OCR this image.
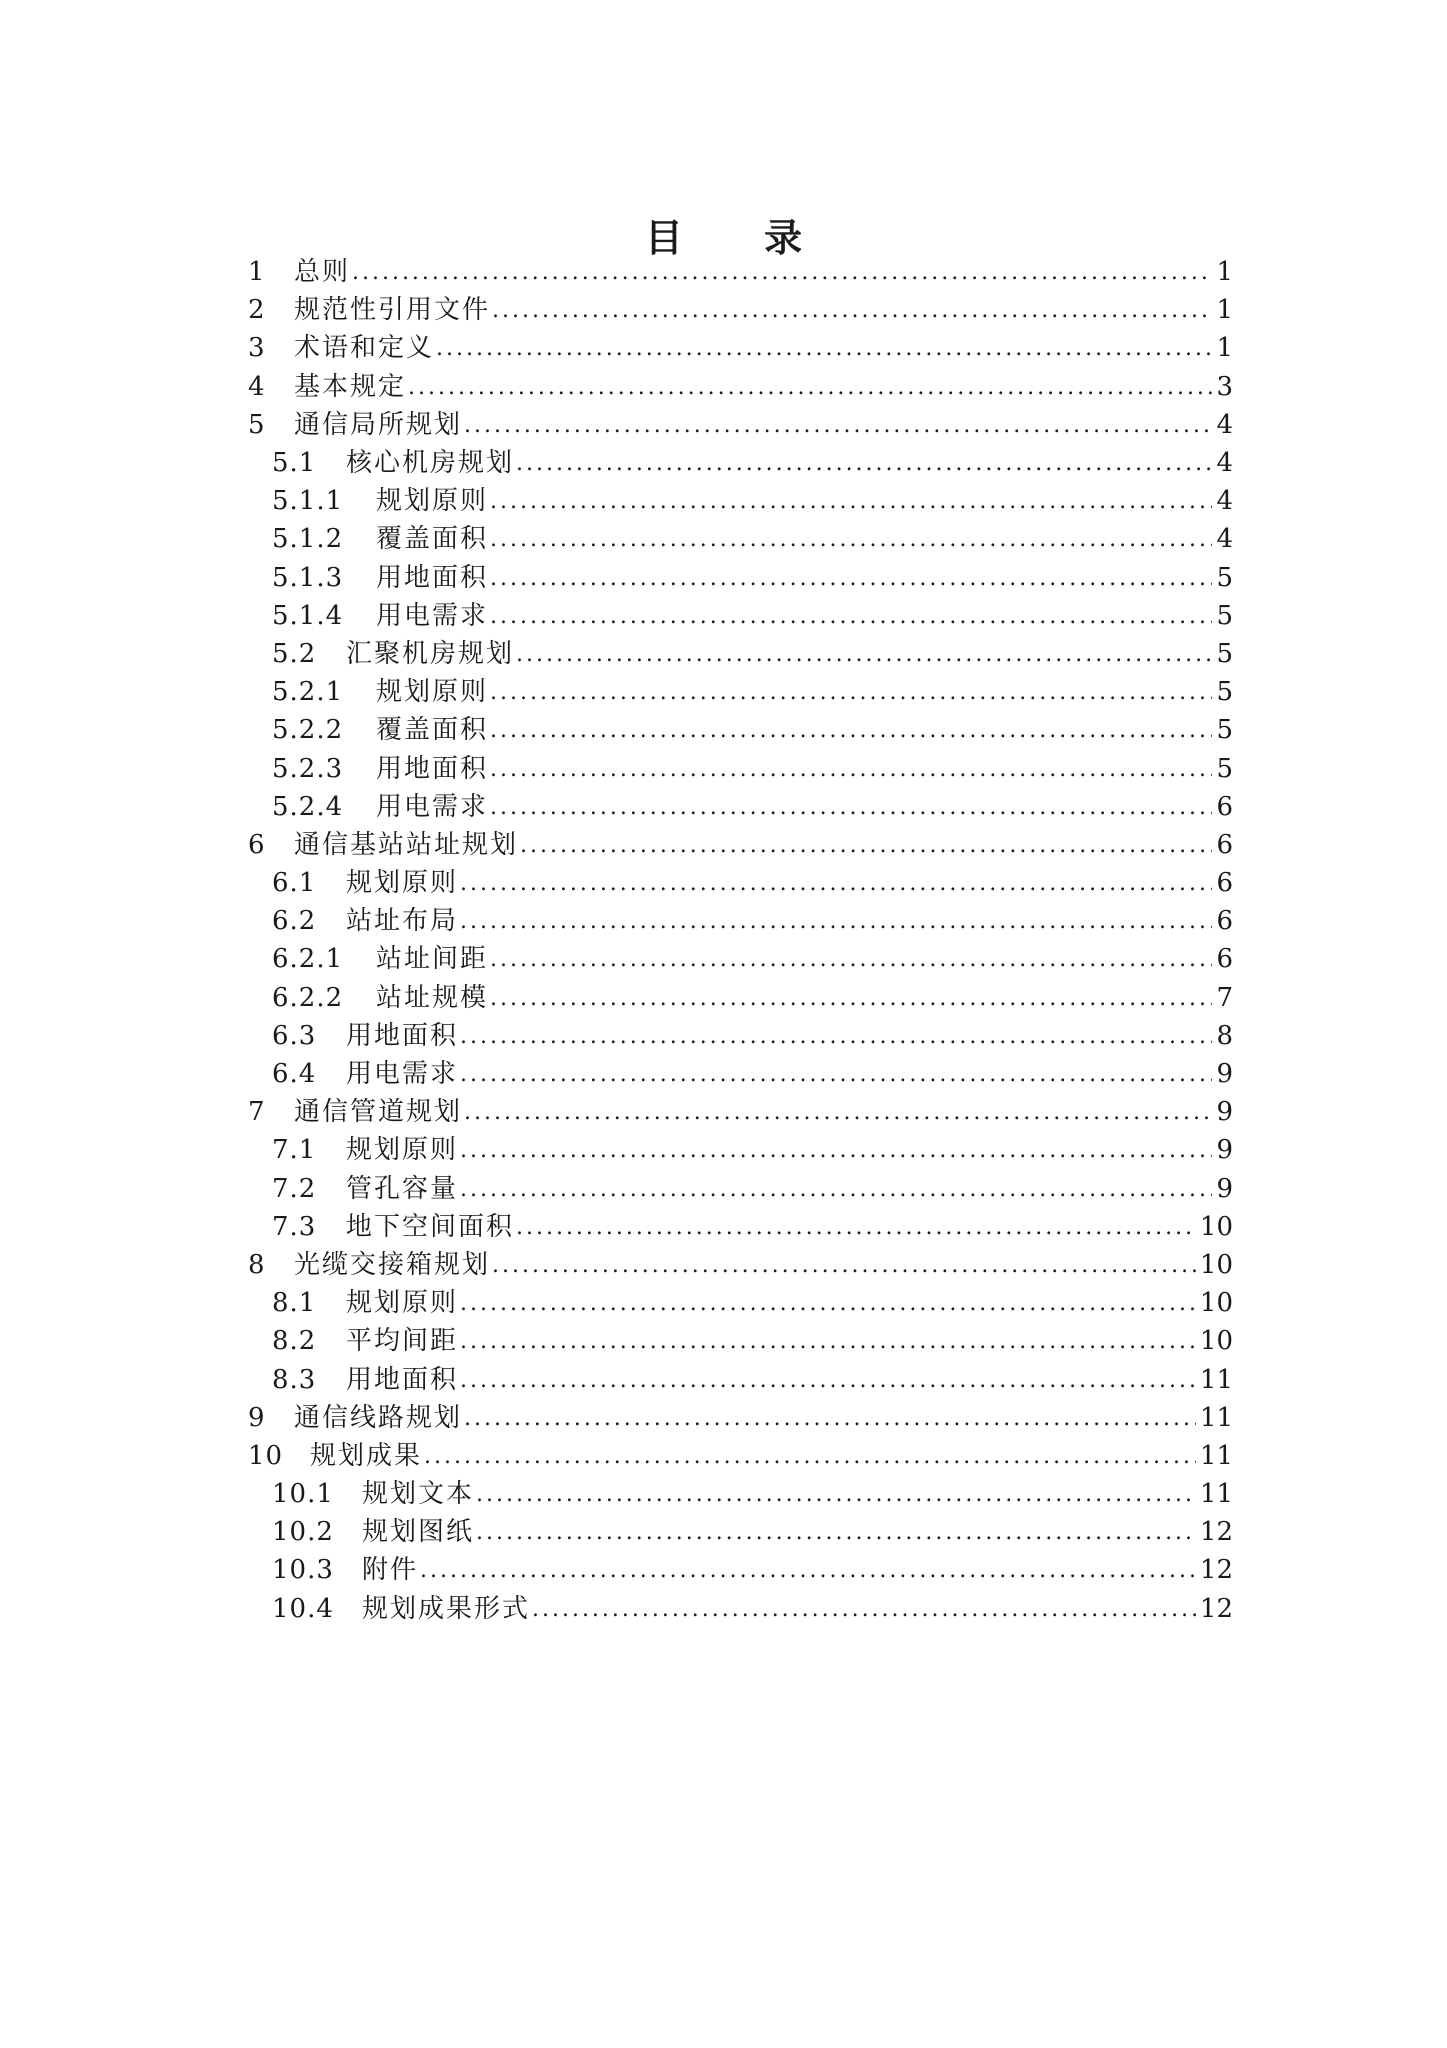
目 录
1	总则 . . .	1
2	规范性引用文件 . . .	1
3	术语和定义 . . .	1
4	基本规定 . . .	3
5	通信局所规划 . . .	4
5.1	核心机房规划 . . .	4
5.1.1	规划原则 . . .	4
5.1.2	覆盖面积 . . .	4
5.1.3	用地面积 . . .	5
5.1.4	用电需求 . . .	5
5.2	汇聚机房规划 . . .	5
5.2.1	规划原则 . . .	5
5.2.2	覆盖面积 . . .	5
5.2.3	用地面积 . . .	5
5.2.4	用电需求 . . .	6
6	通信基站站址规划 . . .	6
6.1	规划原则 . . .	6
6.2	站址布局 . . .	6
6.2.1	站址间距 . . .	6
6.2.2	站址规模 . . .	7
6.3	用地面积 . . .	8
6.4	用电需求 . . .	9
7	通信管道规划 . . .	9
7.1	规划原则 . . .	9
7.2	管孔容量 . . .	9
7.3	地下空间面积 . . .	10
8	光缆交接箱规划 . . .	10
8.1	规划原则 . . .	10
8.2	平均间距 . . .	10
8.3	用地面积 . . .	11
9	通信线路规划 . . .	11
10	规划成果 . . .	11
10.1	规划文本 . . .	11
10.2	规划图纸 . . .	12
10.3	附件 . . .	12
10.4	规划成果形式 . . .	12
